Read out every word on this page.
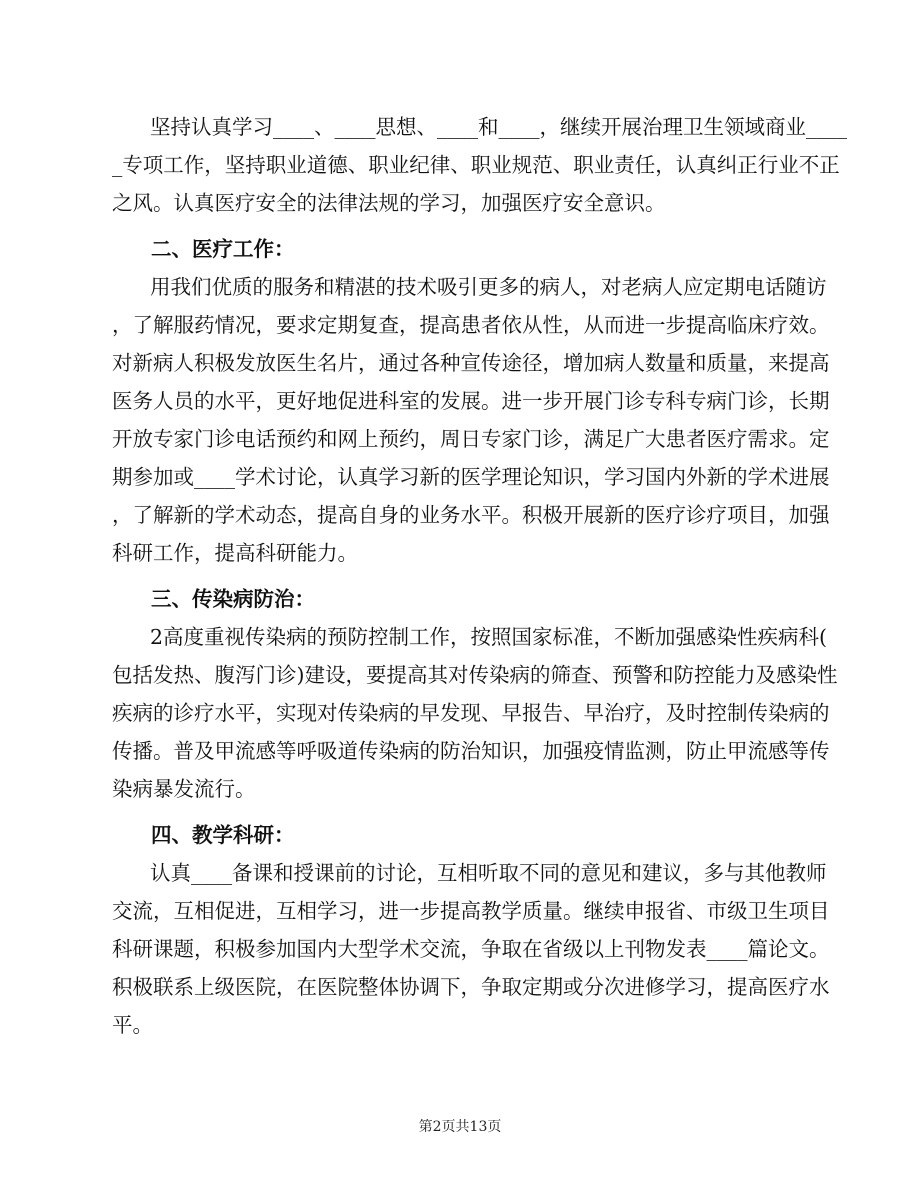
坚持认真学习____、____思想、____和____，继续开展治理卫生领域商业____
_专项工作，坚持职业道德、职业纪律、职业规范、职业责任，认真纠正行业不正
之风。认真医疗安全的法律法规的学习，加强医疗安全意识。
二、医疗工作：
用我们优质的服务和精湛的技术吸引更多的病人，对老病人应定期电话随访
，了解服药情况，要求定期复查，提高患者依从性，从而进一步提高临床疗效。
对新病人积极发放医生名片，通过各种宣传途径，增加病人数量和质量，来提高
医务人员的水平，更好地促进科室的发展。进一步开展门诊专科专病门诊，长期
开放专家门诊电话预约和网上预约，周日专家门诊，满足广大患者医疗需求。定
期参加或____学术讨论，认真学习新的医学理论知识，学习国内外新的学术进展
，了解新的学术动态，提高自身的业务水平。积极开展新的医疗诊疗项目，加强
科研工作，提高科研能力。
三、传染病防治：
2高度重视传染病的预防控制工作，按照国家标准，不断加强感染性疾病科(
包括发热、腹泻门诊)建设，要提高其对传染病的筛查、预警和防控能力及感染性
疾病的诊疗水平，实现对传染病的早发现、早报告、早治疗，及时控制传染病的
传播。普及甲流感等呼吸道传染病的防治知识，加强疫情监测，防止甲流感等传
染病暴发流行。
四、教学科研：
认真____备课和授课前的讨论，互相听取不同的意见和建议，多与其他教师
交流，互相促进，互相学习，进一步提高教学质量。继续申报省、市级卫生项目
科研课题，积极参加国内大型学术交流，争取在省级以上刊物发表____篇论文。
积极联系上级医院，在医院整体协调下，争取定期或分次进修学习，提高医疗水
平。
第2页共13页
